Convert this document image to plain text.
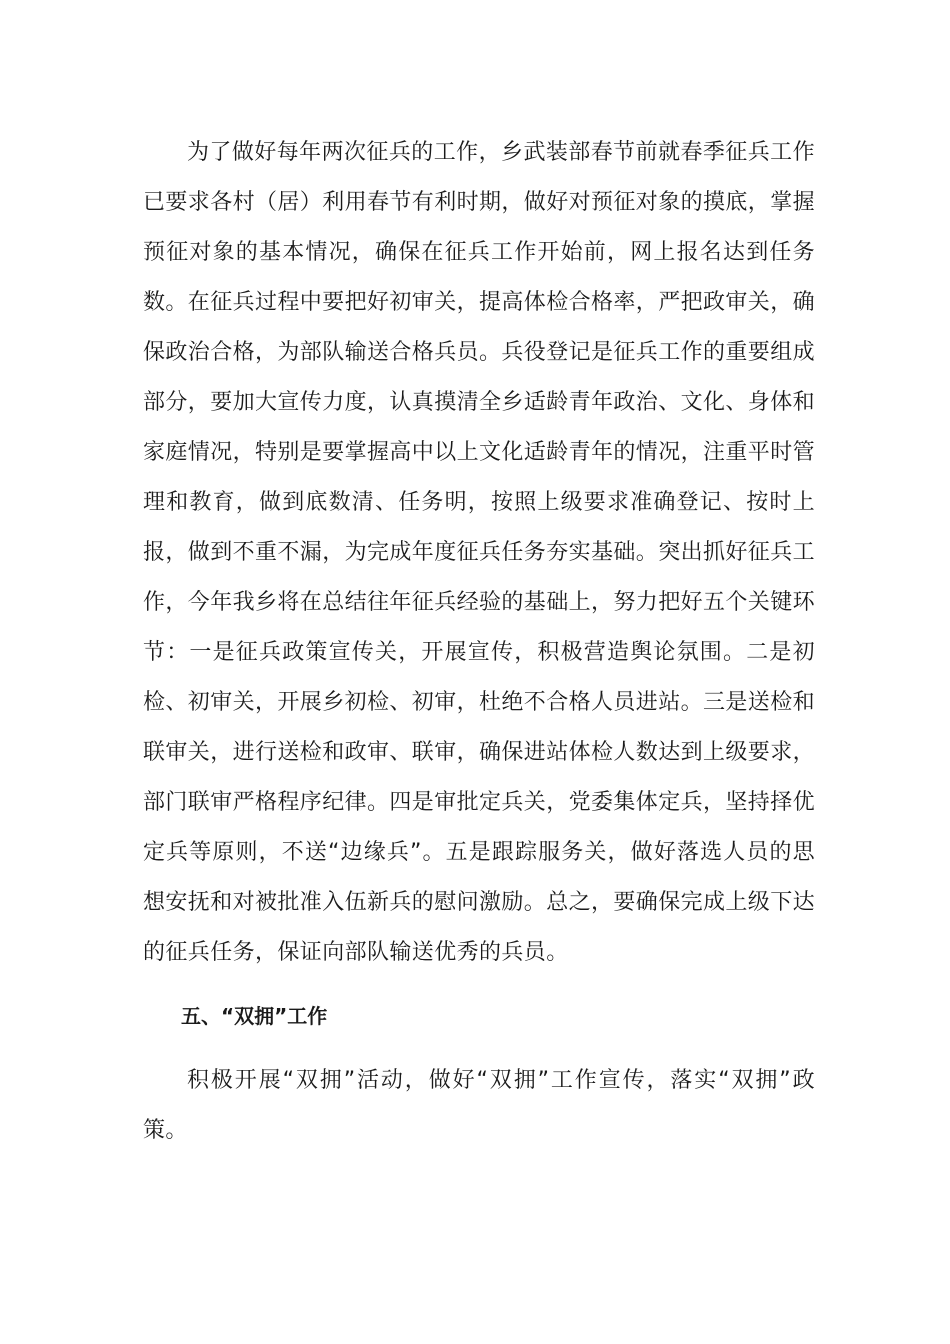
为了做好每年两次征兵的工作，乡武装部春节前就春季征兵工作已要求各村（居）利用春节有利时期，做好对预征对象的摸底，掌握预征对象的基本情况，确保在征兵工作开始前，网上报名达到任务数。在征兵过程中要把好初审关，提高体检合格率，严把政审关，确保政治合格，为部队输送合格兵员。兵役登记是征兵工作的重要组成部分，要加大宣传力度，认真摸清全乡适龄青年政治、文化、身体和家庭情况，特别是要掌握高中以上文化适龄青年的情况，注重平时管理和教育，做到底数清、任务明，按照上级要求准确登记、按时上报，做到不重不漏，为完成年度征兵任务夯实基础。突出抓好征兵工作，今年我乡将在总结往年征兵经验的基础上，努力把好五个关键环节：一是征兵政策宣传关，开展宣传，积极营造舆论氛围。二是初检、初审关，开展乡初检、初审，杜绝不合格人员进站。三是送检和联审关，进行送检和政审、联审，确保进站体检人数达到上级要求，部门联审严格程序纪律。四是审批定兵关，党委集体定兵，坚持择优定兵等原则，不送“边缘兵”。五是跟踪服务关，做好落选人员的思想安抚和对被批准入伍新兵的慰问激励。总之，要确保完成上级下达的征兵任务，保证向部队输送优秀的兵员。

五、“双拥”工作

积极开展“双拥”活动，做好“双拥”工作宣传，落实“双拥”政策。
